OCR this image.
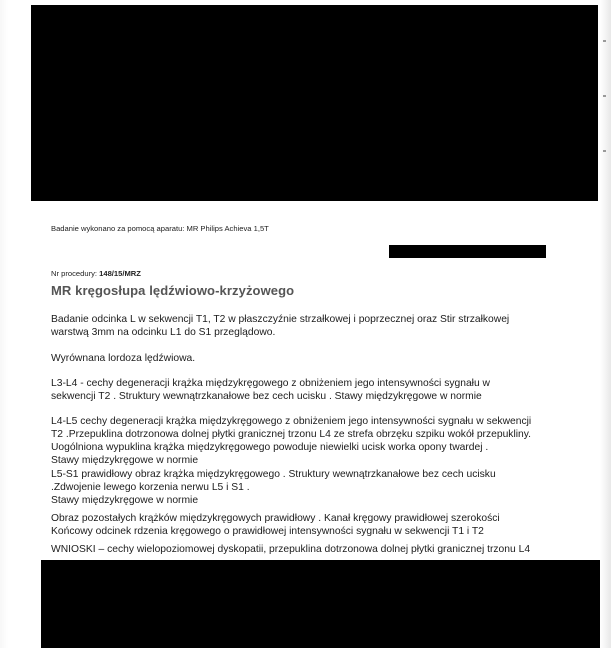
Badanie wykonano za pomocą aparatu: MR Philips Achieva 1,5T
Nr procedury: 148/15/MRZ
MR kręgosłupa lędźwiowo-krzyżowego
Badanie odcinka L w sekwencji T1, T2 w płaszczyźnie strzałkowej i poprzecznej oraz Stir strzałkowej
warstwą 3mm na odcinku L1 do S1 przeglądowo.
Wyrównana lordoza lędźwiowa.
L3-L4 - cechy degeneracji krążka międzykręgowego z obniżeniem jego intensywności sygnału w
sekwencji T2 . Struktury wewnątrzkanałowe bez cech ucisku . Stawy międzykręgowe w normie
L4-L5 cechy degeneracji krążka międzykręgowego z obniżeniem jego intensywności sygnału w sekwencji
T2 .Przepuklina dotrzonowa dolnej płytki granicznej trzonu L4 ze strefa obrzęku szpiku wokół przepukliny.
Uogólniona wypuklina krążka międzykręgowego powoduje niewielki ucisk worka opony twardej .
Stawy międzykręgowe w normie
L5-S1 prawidłowy obraz krążka międzykręgowego . Struktury wewnątrzkanałowe bez cech ucisku
.Zdwojenie lewego korzenia nerwu L5 i S1 .
Stawy międzykręgowe w normie
Obraz pozostałych krążków międzykręgowych prawidłowy . Kanał kręgowy prawidłowej szerokości
Końcowy odcinek rdzenia kręgowego o prawidłowej intensywności sygnału w sekwencji T1 i T2
WNIOSKI – cechy wielopoziomowej dyskopatii, przepuklina dotrzonowa dolnej płytki granicznej trzonu L4
